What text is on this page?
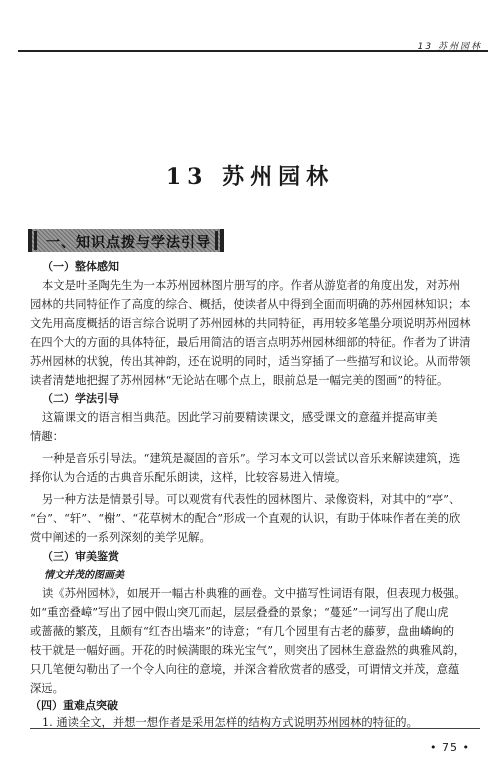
13 苏州园林
13 苏州园林
一、知识点拨与学法引导
（一）整体感知
本文是叶圣陶先生为一本苏州园林图片册写的序。作者从游览者的角度出发，对苏州
园林的共同特征作了高度的综合、概括，使读者从中得到全面而明确的苏州园林知识；本
文先用高度概括的语言综合说明了苏州园林的共同特征，再用较多笔墨分项说明苏州园林
在四个大的方面的具体特征，最后用简洁的语言点明苏州园林细部的特征。作者为了讲清
苏州园林的状貌，传出其神韵，还在说明的同时，适当穿插了一些描写和议论。从而带领
读者清楚地把握了苏州园林“无论站在哪个点上，眼前总是一幅完美的图画”的特征。
（二）学法引导
这篇课文的语言相当典范。因此学习前要精读课文，感受课文的意蕴并提高审美
情趣：
一种是音乐引导法。“建筑是凝固的音乐”。学习本文可以尝试以音乐来解读建筑，选
择你认为合适的古典音乐配乐朗读，这样，比较容易进入情境。
另一种方法是情景引导。可以观赏有代表性的园林图片、录像资料，对其中的“亭”、
“台”、“轩”、“榭”、“花草树木的配合”形成一个直观的认识，有助于体味作者在美的欣
赏中阐述的一系列深刻的美学见解。
（三）审美鉴赏
情文并茂的图画美
读《苏州园林》，如展开一幅古朴典雅的画卷。文中描写性词语有限，但表现力极强。
如“重峦叠嶂”写出了园中假山突兀而起，层层叠叠的景象；“蔓延”一词写出了爬山虎
或蔷薇的繁茂，且颇有“红杏出墙来”的诗意；“有几个园里有古老的藤萝，盘曲嶙峋的
枝干就是一幅好画。开花的时候满眼的珠光宝气”，则突出了园林生意盎然的典雅风韵，
只几笔便勾勒出了一个令人向往的意境，并深含着欣赏者的感受，可谓情文并茂，意蕴
深远。
（四）重难点突破
1. 通读全文，并想一想作者是采用怎样的结构方式说明苏州园林的特征的。
• 75 •
